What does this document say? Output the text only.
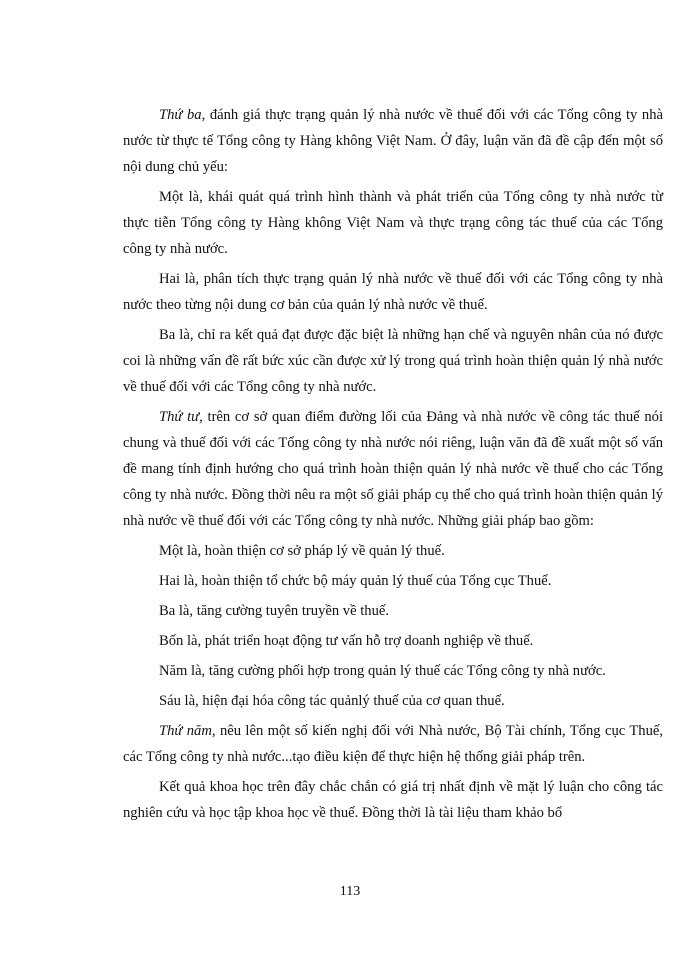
Thứ ba, đánh giá thực trạng quản lý nhà nước về thuế đối với các Tổng công ty nhà nước từ thực tế Tổng công ty Hàng không Việt Nam. Ở đây, luận văn đã đề cập đến một số nội dung chủ yếu:

Một là, khái quát quá trình hình thành và phát triển của Tổng công ty nhà nước từ thực tiễn Tổng công ty Hàng không Việt Nam và thực trạng công tác thuế của các Tổng công ty nhà nước.

Hai là, phân tích thực trạng quản lý nhà nước về thuế đối với các Tổng công ty nhà nước theo từng nội dung cơ bản của quản lý nhà nước về thuế.

Ba là, chỉ ra kết quả đạt được đặc biệt là những hạn chế và nguyên nhân của nó được coi là những vấn đề rất bức xúc cần được xử lý trong quá trình hoàn thiện quản lý nhà nước về thuế đối với các Tổng công ty nhà nước.

Thứ tư, trên cơ sở quan điểm đường lối của Đảng và nhà nước về công tác thuế nói chung và thuế đối với các Tổng công ty nhà nước nói riêng, luận văn đã đề xuất một số vấn đề mang tính định hướng cho quá trình hoàn thiện quản lý nhà nước về thuế cho các Tổng công ty nhà nước. Đồng thời nêu ra một số giải pháp cụ thể cho quá trình hoàn thiện quản lý nhà nước về thuế đối với các Tổng công ty nhà nước. Những giải pháp bao gồm:

Một là, hoàn thiện cơ sở pháp lý về quản lý thuế.

Hai là, hoàn thiện tổ chức bộ máy quản lý thuế của Tổng cục Thuế.

Ba là, tăng cường tuyên truyền về thuế.

Bốn là, phát triển hoạt động tư vấn hỗ trợ doanh nghiệp về thuế.

Năm là, tăng cường phối hợp trong quản lý thuế các Tổng công ty nhà nước.

Sáu là, hiện đại hóa công tác quảnlý thuế của cơ quan thuế.

Thứ năm, nêu lên một số kiến nghị đối với Nhà nước, Bộ Tài chính, Tổng cục Thuế, các Tổng công ty nhà nước...tạo điều kiện để thực hiện hệ thống giải pháp trên.

Kết quả khoa học trên đây chắc chắn có giá trị nhất định về mặt lý luận cho công tác nghiên cứu và học tập khoa học về thuế. Đồng thời là tài liệu tham khảo bổ

113
